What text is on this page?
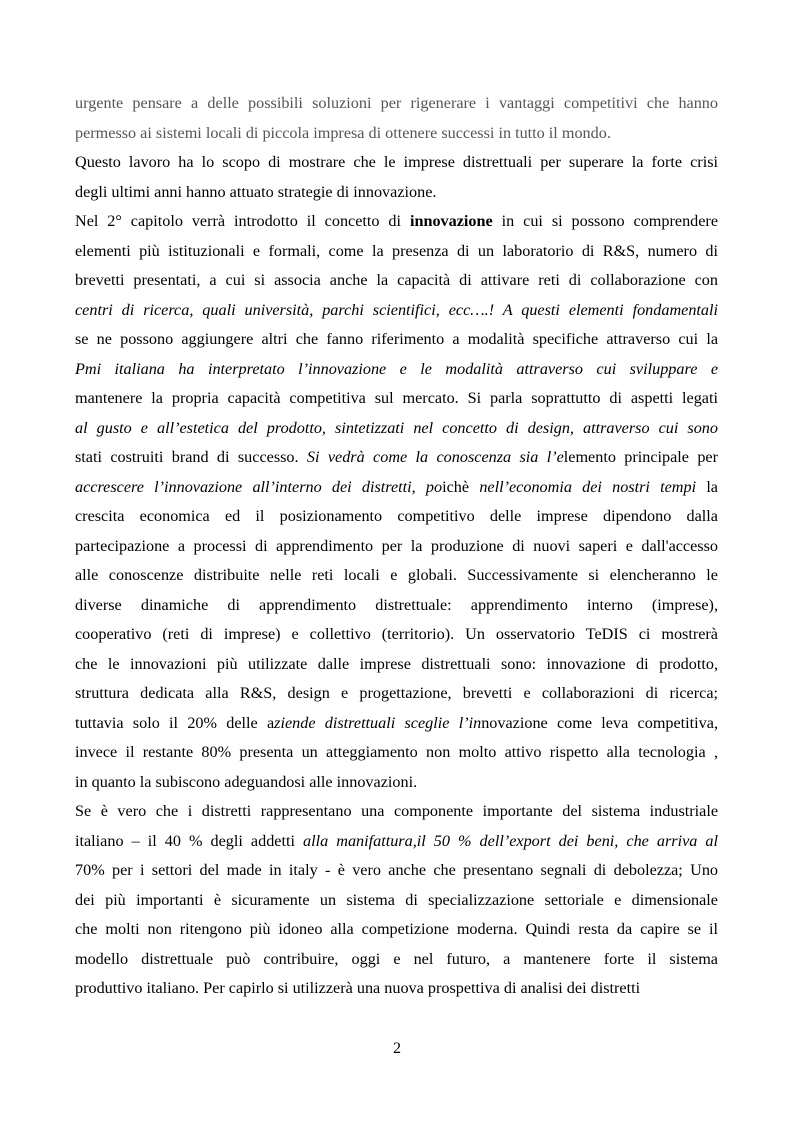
urgente pensare a delle possibili soluzioni per rigenerare i vantaggi competitivi che hanno
permesso ai sistemi locali di piccola impresa di ottenere successi in tutto il mondo.
Questo lavoro ha lo scopo di mostrare che le imprese distrettuali per superare la forte crisi
degli ultimi anni hanno attuato strategie di innovazione.
Nel 2° capitolo verrà introdotto il concetto di innovazione in cui si possono comprendere
elementi più istituzionali e formali, come la presenza di un laboratorio di R&S, numero di
brevetti presentati, a cui si associa anche la capacità di attivare reti di collaborazione con
centri di ricerca, quali università, parchi scientifici, ecc….! A questi elementi fondamentali
se ne possono aggiungere altri che fanno riferimento a modalità specifiche attraverso cui la
Pmi italiana ha interpretato l’innovazione e le modalità attraverso cui sviluppare e
mantenere la propria capacità competitiva sul mercato. Si parla soprattutto di aspetti legati
al gusto e all’estetica del prodotto, sintetizzati nel concetto di design, attraverso cui sono
stati costruiti brand di successo. Si vedrà come la conoscenza sia l’elemento principale per
accrescere l’innovazione all’interno dei distretti, poichè nell’economia dei nostri tempi la
crescita economica ed il posizionamento competitivo delle imprese dipendono dalla
partecipazione a processi di apprendimento per la produzione di nuovi saperi e dall'accesso
alle conoscenze distribuite nelle reti locali e globali. Successivamente si elencheranno le
diverse dinamiche di apprendimento distrettuale: apprendimento interno (imprese),
cooperativo (reti di imprese) e collettivo (territorio). Un osservatorio TeDIS ci mostrerà
che le innovazioni più utilizzate dalle imprese distrettuali sono: innovazione di prodotto,
struttura dedicata alla R&S, design e progettazione, brevetti e collaborazioni di ricerca;
tuttavia solo il 20% delle aziende distrettuali sceglie l’innovazione come leva competitiva,
invece il restante 80% presenta un atteggiamento non molto attivo rispetto alla tecnologia ,
in quanto la subiscono adeguandosi alle innovazioni.
Se è vero che i distretti rappresentano una componente importante del sistema industriale
italiano – il 40 % degli addetti alla manifattura,il 50 % dell’export dei beni, che arriva al
70% per i settori del made in italy - è vero anche che presentano segnali di debolezza; Uno
dei più importanti è sicuramente un sistema di specializzazione settoriale e dimensionale
che molti non ritengono più idoneo alla competizione moderna. Quindi resta da capire se il
modello distrettuale può contribuire, oggi e nel futuro, a mantenere forte il sistema
produttivo italiano. Per capirlo si utilizzerà una nuova prospettiva di analisi dei distretti
2
